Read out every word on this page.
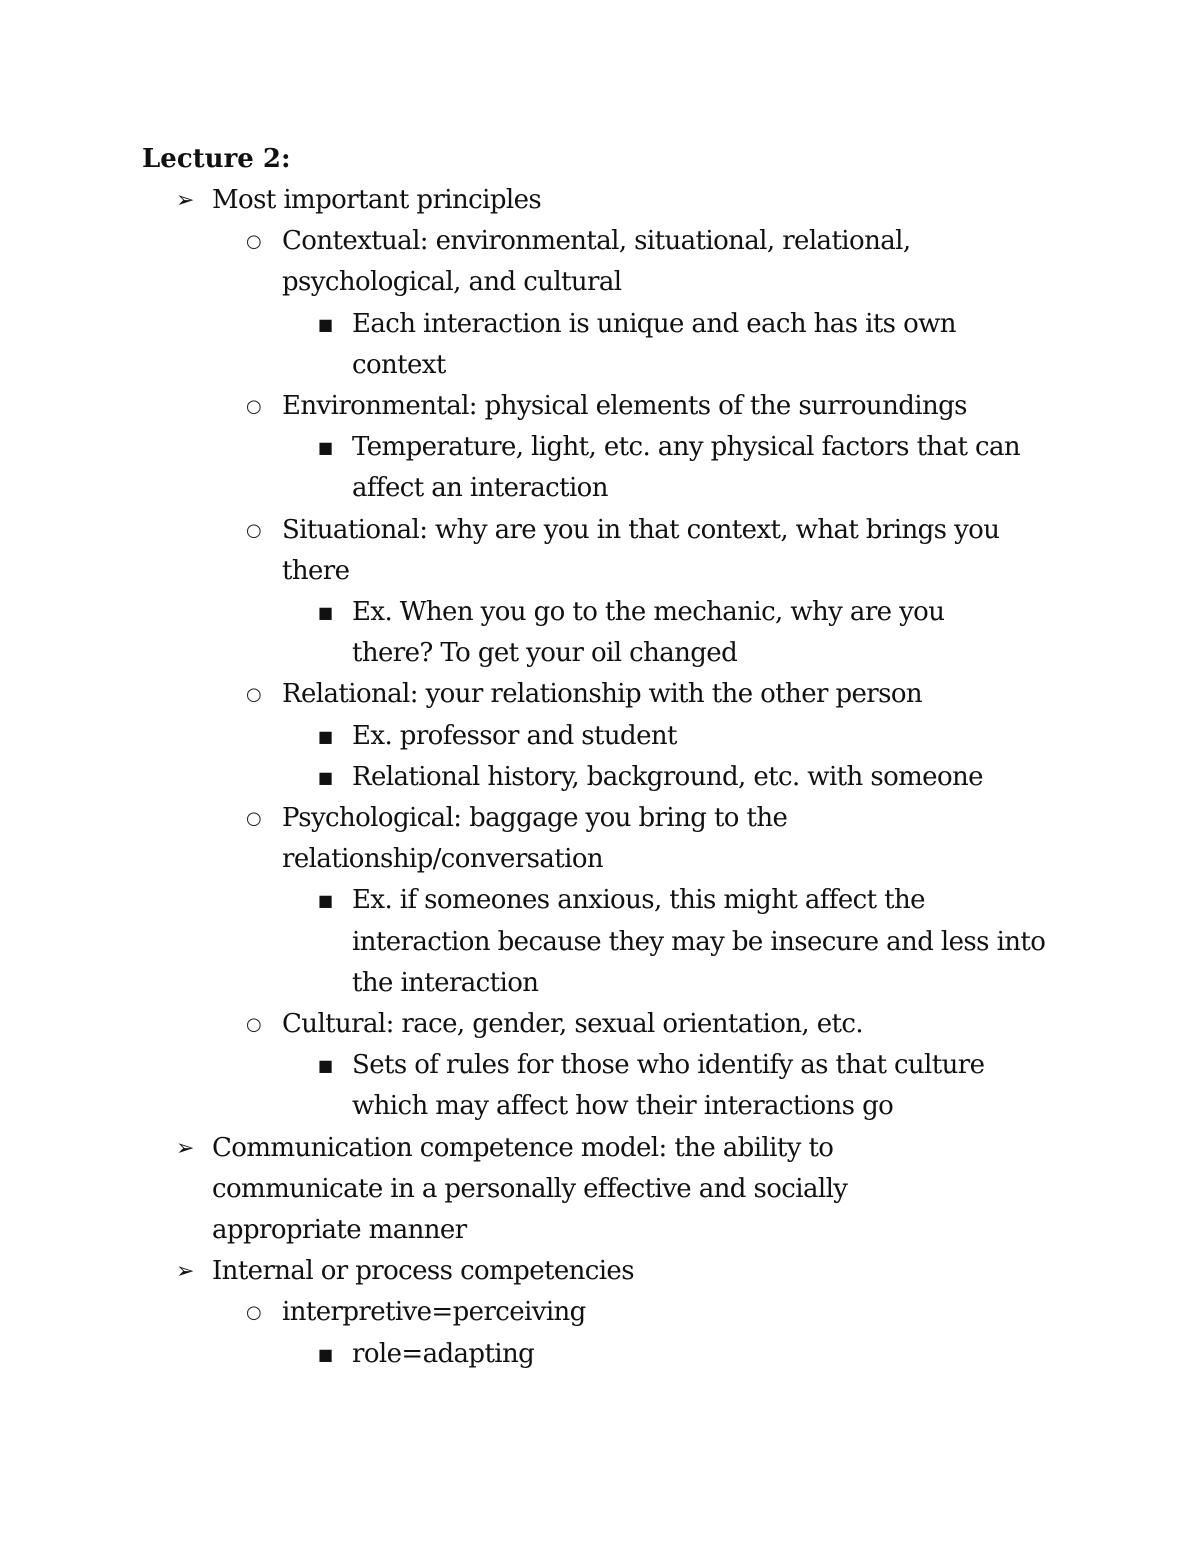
Lecture 2:
➢ Most important principles
○ Contextual: environmental, situational, relational, psychological, and cultural
■ Each interaction is unique and each has its own context
○ Environmental: physical elements of the surroundings
■ Temperature, light, etc. any physical factors that can affect an interaction
○ Situational: why are you in that context, what brings you there
■ Ex. When you go to the mechanic, why are you there? To get your oil changed
○ Relational: your relationship with the other person
■ Ex. professor and student
■ Relational history, background, etc. with someone
○ Psychological: baggage you bring to the relationship/conversation
■ Ex. if someones anxious, this might affect the interaction because they may be insecure and less into the interaction
○ Cultural: race, gender, sexual orientation, etc.
■ Sets of rules for those who identify as that culture which may affect how their interactions go
➢ Communication competence model: the ability to communicate in a personally effective and socially appropriate manner
➢ Internal or process competencies
○ interpretive=perceiving
■ role=adapting
